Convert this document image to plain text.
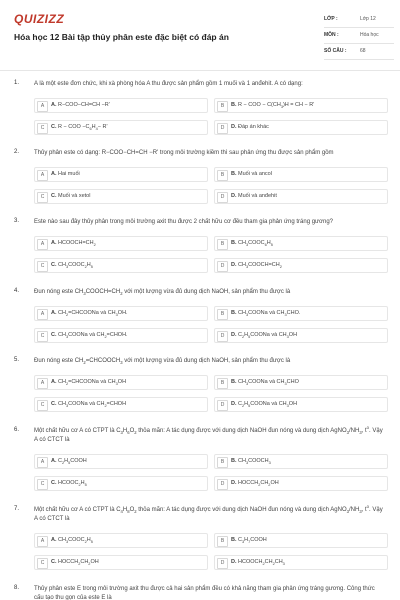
QUIZIZZ
Hóa học 12 Bài tập thủy phân este đặc biệt có đáp án
LỚP :	Lớp 12
MÔN :	Hóa học
SỐ CÂU :	68
1. A là một este đơn chức, khi xà phòng hóa A thu được sản phẩm gồm 1 muối và 1 anđehit. A có dạng:
A	A. R−COO−CH=CH −R'	B	B. R − COO − $C(CH_3)H$ = CH − R'
C	C. R − COO $-C_6H_4- R'$	D	D. Đáp án khác
2. Thủy phân este có dạng: R−COO−CH=CH −R' trong môi trường kiềm thì sau phản ứng thu được sản phẩm gồm
A	A. Hai muối	B	B. Muối và ancol
C	C. Muối và xetol	D	D. Muối và anđehit
3. Este nào sau đây thủy phân trong môi trường axit thu được 2 chất hữu cơ đều tham gia phản ứng tráng gương?
A	A. $HCOOCH=CH_2$	B	B. $CH_3COOC_6H_5$
C	C. $CH_3COOC_2H_5$	D	D. $CH_3COOCH=CH_2$
4. Đun nóng este $CH_3COOCH=CH_2$ với một lượng vừa đủ dung dịch NaOH, sản phẩm thu được là
A	A. $CH_2=CHCOONa$ và $CH_3OH$.	B	B. $CH_3COONa$ và $CH_3CHO$.
C	C. $CH_3COONa$ và $CH_2=CHOH$.	D	D. $C_2H_5COONa$ và $CH_3OH$
5. Đun nóng este $CH_2=CHCOOCH_3$ với một lượng vừa đủ dung dịch NaOH, sản phẩm thu được là
A	A. $CH_2=CHCOONa$ và $CH_3OH$	B	B. $CH_3COONa$ và $CH_3CHO$
C	C. $CH_3COONa$ và $CH_2=CHOH$	D	D. $C_2H_5COONa$ và $CH_3OH$
6. Một chất hữu cơ A có CTPT là $C_3H_6O_2$ thỏa mãn: A tác dụng được với dung dịch NaOH đun nóng và dung dịch $AgNO_3/NH_3$, $t^o$. Vậy A có CTCT là
A	A. $C_2H_5COOH$	B	B. $CH_3COOCH_3$
C	C. $HCOOC_2H_5$	D	D. $HOCCH_2CH_2OH$
7. Một chất hữu cơ A có CTPT là $C_4H_8O_2$ thỏa mãn: A tác dụng được với dung dịch NaOH đun nóng và dung dịch $AgNO_3/NH_3$, $t^o$. Vậy A có CTCT là
A	A. $CH_3COOC_2H_5$	B	B. $C_3H_7COOH$
C	C. $HOCCH_2CH_2OH$	D	D. $HCOOCH_2CH_2CH_3$
8. Thủy phân este E trong môi trường axit thu được cả hai sản phẩm đều có khả năng tham gia phản ứng tráng gương. Công thức cấu tạo thu gọn của este E là
